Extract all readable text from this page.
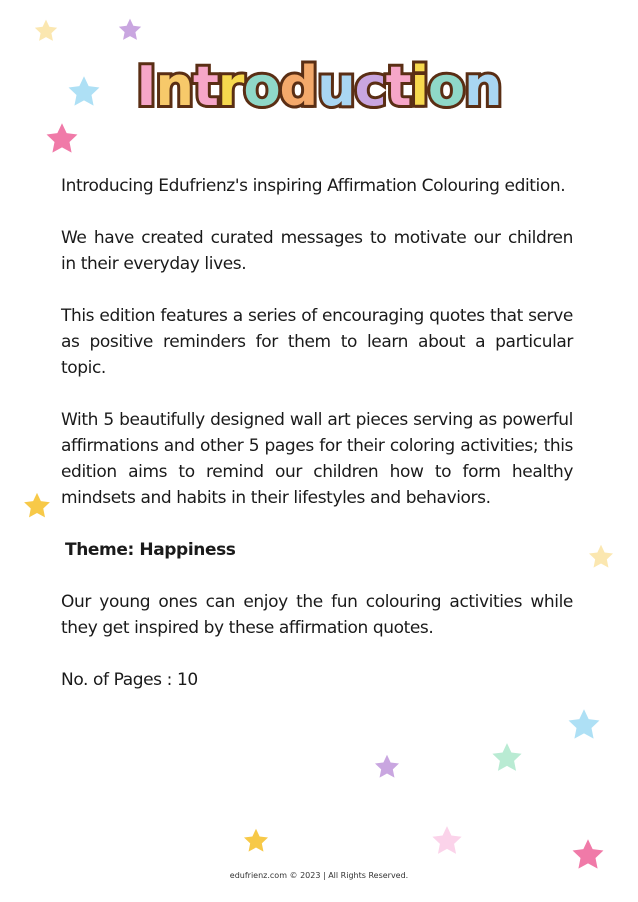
Introduction

Introducing Edufrienz's inspiring Affirmation Colouring edition.

We have created curated messages to motivate our children in their everyday lives.

This edition features a series of encouraging quotes that serve as positive reminders for them to learn about a particular topic.

With 5 beautifully designed wall art pieces serving as powerful affirmations and other 5 pages for their coloring activities; this edition aims to remind our children how to form healthy mindsets and habits in their lifestyles and behaviors.

Theme: Happiness

Our young ones can enjoy the fun colouring activities while they get inspired by these affirmation quotes.

No. of Pages : 10

edufrienz.com © 2023 | All Rights Reserved.
